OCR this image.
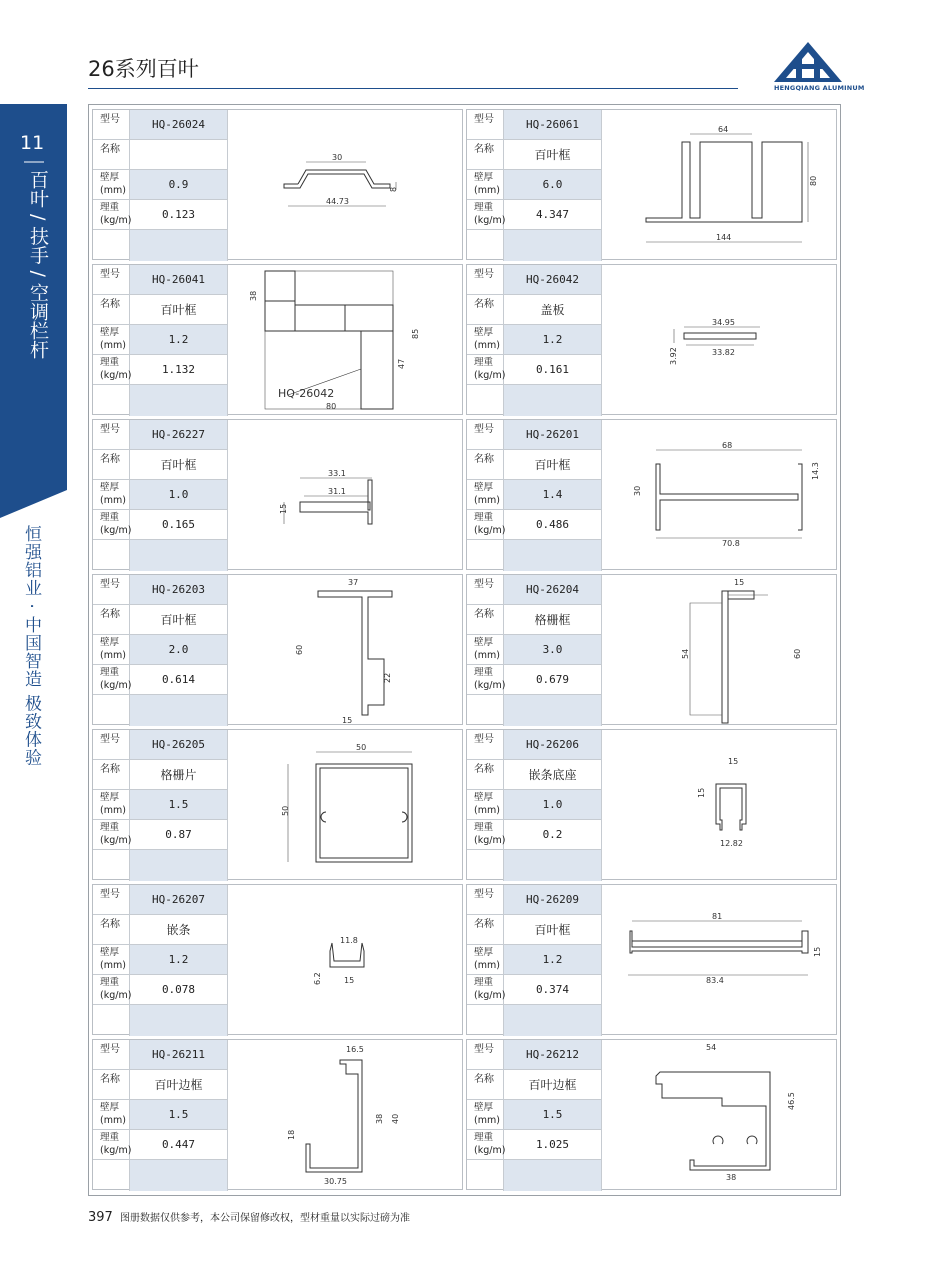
26系列百叶
HENGQIANG ALUMINUM
11
百叶 / 扶手 / 空调栏杆
恒强铝业 · 中国智造 极致体验
型号	HQ-26024
名称
壁厚
(mm)	0.9
理重
(kg/m)	0.123
30
44.73
8
型号	HQ-26061
名称	百叶框
壁厚
(mm)	6.0
理重
(kg/m)	4.347
64
80
144
型号	HQ-26041
名称	百叶框
壁厚
(mm)	1.2
理重
(kg/m)	1.132
HQ-26042
38
85
47
80
型号	HQ-26042
名称	盖板
壁厚
(mm)	1.2
理重
(kg/m)	0.161
34.95
33.82
3.92
型号	HQ-26227
名称	百叶框
壁厚
(mm)	1.0
理重
(kg/m)	0.165
33.1
31.1
15
型号	HQ-26201
名称	百叶框
壁厚
(mm)	1.4
理重
(kg/m)	0.486
68
14.3
30
70.8
型号	HQ-26203
名称	百叶框
壁厚
(mm)	2.0
理重
(kg/m)	0.614
37
60
22
15
型号	HQ-26204
名称	格栅框
壁厚
(mm)	3.0
理重
(kg/m)	0.679
15
54	60
型号	HQ-26205
名称	格栅片
壁厚
(mm)	1.5
理重
(kg/m)	0.87
50
50
型号	HQ-26206
名称	嵌条底座
壁厚
(mm)	1.0
理重
(kg/m)	0.2
15
15
12.82
型号	HQ-26207
名称	嵌条
壁厚
(mm)	1.2
理重
(kg/m)	0.078
11.8
6.2	15
型号	HQ-26209
名称	百叶框
壁厚
(mm)	1.2
理重
(kg/m)	0.374
81
15
83.4
型号	HQ-26211
名称	百叶边框
壁厚
(mm)	1.5
理重
(kg/m)	0.447
16.5
38 40
18
30.75
型号	HQ-26212
名称	百叶边框
壁厚
(mm)	1.5
理重
(kg/m)	1.025
54
46.5
38
397 图册数据仅供参考，本公司保留修改权，型材重量以实际过磅为准
